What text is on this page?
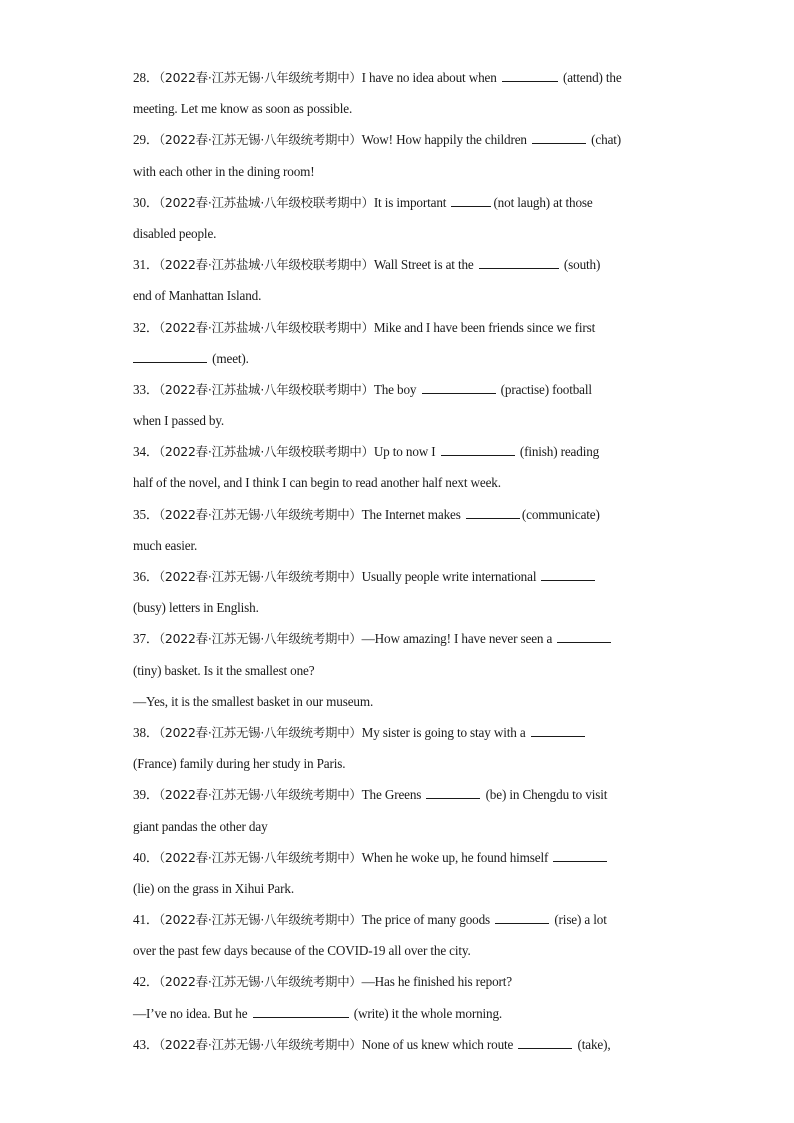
28．（2022春·江苏无锡·八年级统考期中）I have no idea about when	(attend) the
meeting. Let me know as soon as possible.
29．（2022春·江苏无锡·八年级统考期中）Wow! How happily the children	(chat)
with each other in the dining room!
30．（2022春·江苏盐城·八年级校联考期中）It is important	(not laugh) at those
disabled people.
31．（2022春·江苏盐城·八年级校联考期中）Wall Street is at the	(south)
end of Manhattan Island.
32．（2022春·江苏盐城·八年级校联考期中）Mike and I have been friends since we first
(meet).
33．（2022春·江苏盐城·八年级校联考期中）The boy	(practise) football
when I passed by.
34．（2022春·江苏盐城·八年级校联考期中）Up to now I	(finish) reading
half of the novel, and I think I can begin to read another half next week.
35．（2022春·江苏无锡·八年级统考期中）The Internet makes	(communicate)
much easier.
36．（2022春·江苏无锡·八年级统考期中）Usually people write international
(busy) letters in English.
37．（2022春·江苏无锡·八年级统考期中）—How amazing! I have never seen a
(tiny) basket. Is it the smallest one?
—Yes, it is the smallest basket in our museum.
38．（2022春·江苏无锡·八年级统考期中）My sister is going to stay with a
(France) family during her study in Paris.
39．（2022春·江苏无锡·八年级统考期中）The Greens	(be) in Chengdu to visit
giant pandas the other day
40．（2022春·江苏无锡·八年级统考期中）When he woke up, he found himself
(lie) on the grass in Xihui Park.
41．（2022春·江苏无锡·八年级统考期中）The price of many goods	(rise) a lot
over the past few days because of the COVID-19 all over the city.
42．（2022春·江苏无锡·八年级统考期中）—Has he finished his report?
—I’ve no idea. But he	(write) it the whole morning.
43．（2022春·江苏无锡·八年级统考期中）None of us knew which route	(take),
